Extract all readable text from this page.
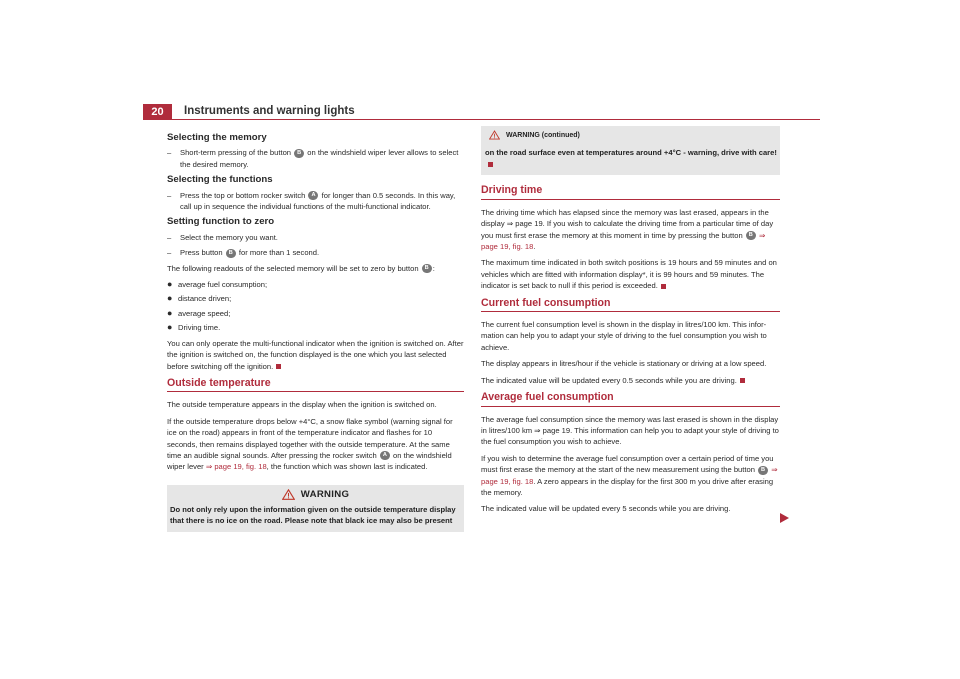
20	Instruments and warning lights
Selecting the memory
–	Short-term pressing of the button B on the windshield wiper lever allows to select the desired memory.
Selecting the functions
–	Press the top or bottom rocker switch A for longer than 0.5 seconds. In this way, call up in sequence the individual functions of the multi-functional indicator.
Setting function to zero
–	Select the memory you want.
–	Press button B for more than 1 second.

The following readouts of the selected memory will be set to zero by button B :

● average fuel consumption;
● distance driven;
● average speed;
● Driving time.

You can only operate the multi-functional indicator when the ignition is switched on. After the ignition is switched on, the function displayed is the one which you last selected before switching off the ignition.

Outside temperature

The outside temperature appears in the display when the ignition is switched on.

If the outside temperature drops below +4°C, a snow flake symbol (warning signal for ice on the road) appears in front of the temperature indicator and flashes for 10 seconds, then remains displayed together with the outside temperature. At the same time an audible signal sounds. After pressing the rocker switch A on the windshield wiper lever ⇒ page 19, fig. 18, the function which was shown last is indicated.

WARNING
Do not only rely upon the information given on the outside temperature display that there is no ice on the road. Please note that black ice may also be present
WARNING (continued)
on the road surface even at temperatures around +4°C - warning, drive with care!
Driving time

The driving time which has elapsed since the memory was last erased, appears in the display ⇒ page 19. If you wish to calculate the driving time from a particular time of day you must first erase the memory at this moment in time by pressing the button B ⇒ page 19, fig. 18.

The maximum time indicated in both switch positions is 19 hours and 59 minutes and on vehicles which are fitted with information display*, it is 99 hours and 59 minutes. The indicator is set back to null if this period is exceeded.

Current fuel consumption

The current fuel consumption level is shown in the display in litres/100 km. This infor-mation can help you to adapt your style of driving to the fuel consumption you wish to achieve.

The display appears in litres/hour if the vehicle is stationary or driving at a low speed.

The indicated value will be updated every 0.5 seconds while you are driving.

Average fuel consumption

The average fuel consumption since the memory was last erased is shown in the display in litres/100 km ⇒ page 19. This information can help you to adapt your style of driving to the fuel consumption you wish to achieve.

If you wish to determine the average fuel consumption over a certain period of time you must first erase the memory at the start of the new measurement using the button B ⇒ page 19, fig. 18. A zero appears in the display for the first 300 m you drive after erasing the memory.

The indicated value will be updated every 5 seconds while you are driving.
